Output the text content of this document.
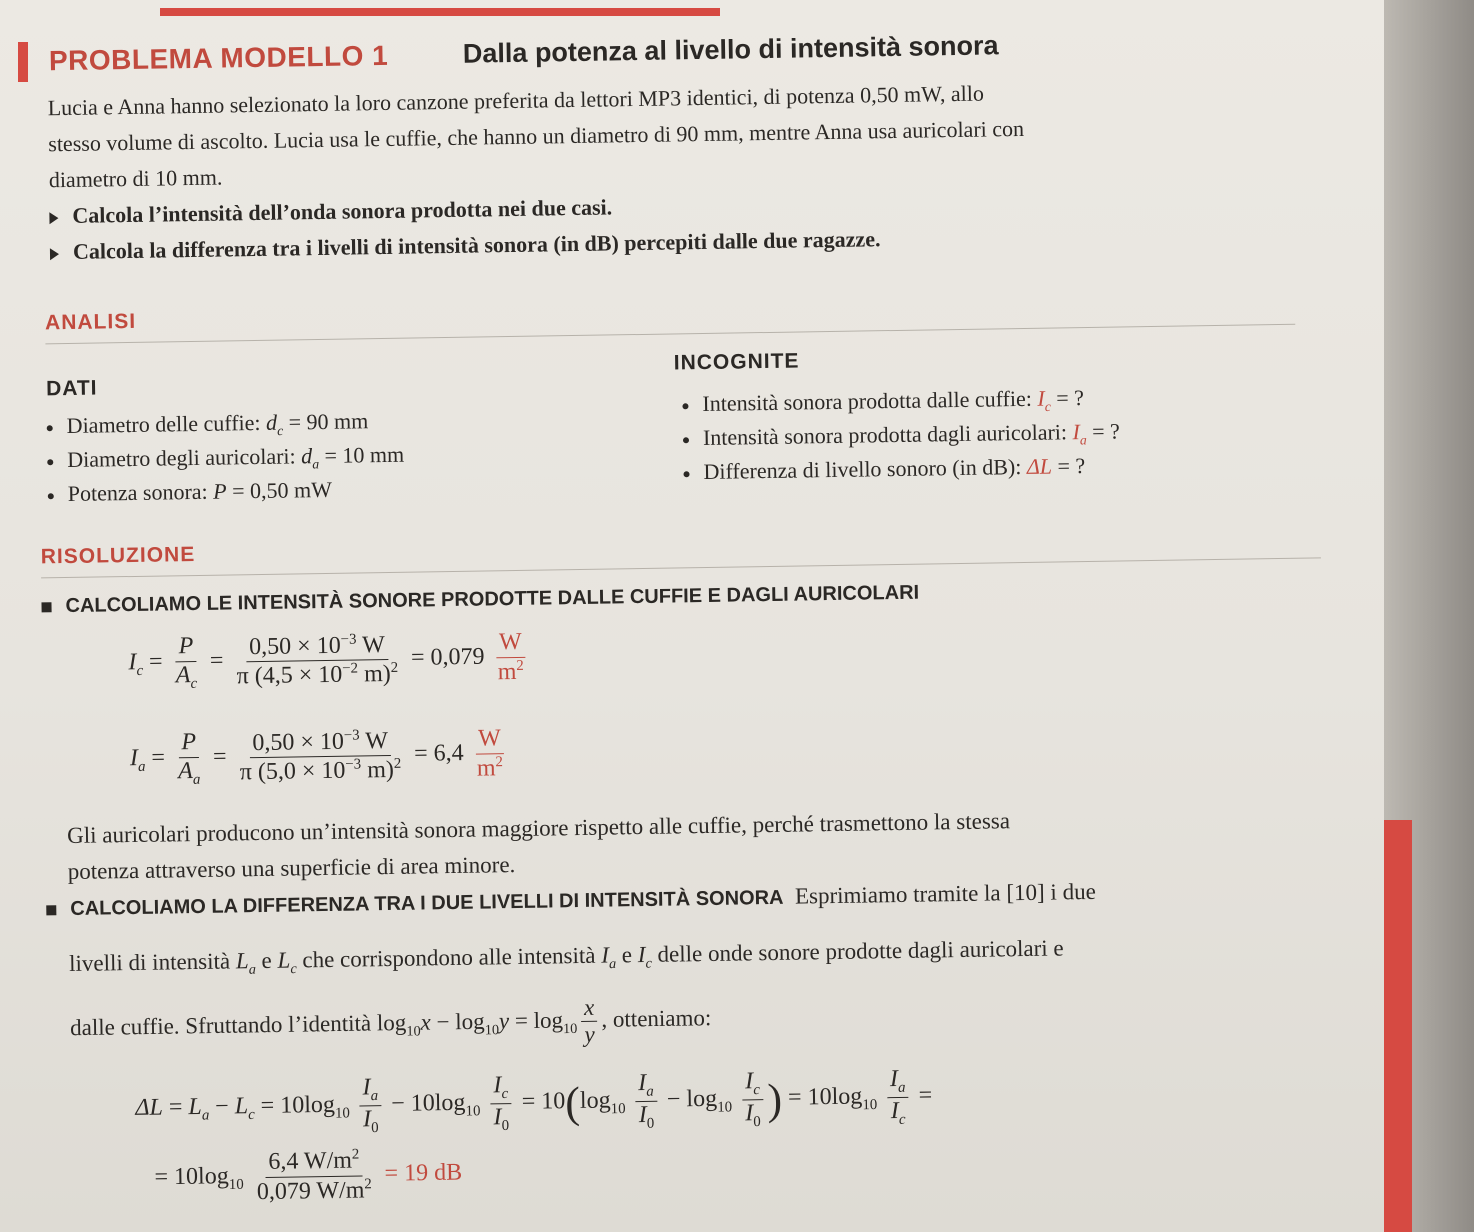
PROBLEMA MODELLO 1	Dalla potenza al livello di intensità sonora
Lucia e Anna hanno selezionato la loro canzone preferita da lettori MP3 identici, di potenza 0,50 mW, allo
stesso volume di ascolto. Lucia usa le cuffie, che hanno un diametro di 90 mm, mentre Anna usa auricolari con
diametro di 10 mm.
Calcola l’intensità dell’onda sonora prodotta nei due casi.
Calcola la differenza tra i livelli di intensità sonora (in dB) percepiti dalle due ragazze.
ANALISI
DATI
INCOGNITE
Diametro delle cuffie: $d_c = 90$ mm
Diametro degli auricolari: $d_a = 10$ mm
Potenza sonora: P = 0,50 mW
Intensità sonora prodotta dalle cuffie: $I_c$ = ?
Intensità sonora prodotta dagli auricolari: $I_a$ = ?
Differenza di livello sonoro (in dB): ΔL = ?
RISOLUZIONE
CALCOLIAMO LE INTENSITÀ SONORE PRODOTTE DALLE CUFFIE E DAGLI AURICOLARI
$I_c = \frac{P}{A_c} = \frac{0,50 \times 10^{-3} W}{\pi (4,5 \times 10^{-2} m)^2} = 0,079 \frac{W}{m^2}$
$I_a = \frac{P}{A_a} = \frac{0,50 \times 10^{-3} W}{\pi (5,0 \times 10^{-3} m)^2} = 6,4 \frac{W}{m^2}$
Gli auricolari producono un’intensità sonora maggiore rispetto alle cuffie, perché trasmettono la stessa
potenza attraverso una superficie di area minore.
CALCOLIAMO LA DIFFERENZA TRA I DUE LIVELLI DI INTENSITÀ SONORA Esprimiamo tramite la [10] i due
livelli di intensità $L_a$ e $L_c$ che corrispondono alle intensità $I_a$ e $I_c$ delle onde sonore prodotte dagli auricolari e
dalle cuffie. Sfruttando l’identità $\log_{10}x - \log_{10}y = \log_{10} \frac{x}{y}$ , otteniamo:
$\Delta L = L_a - L_c = 10\log_{10} \frac{I_a}{I_0} - 10\log_{10} \frac{I_c}{I_0} = 10(\log_{10} \frac{I_a}{I_0} - \log_{10} \frac{I_c}{I_0}$ ) = $10\log_{10} \frac{I_a}{I_c}$ =
= $10\log_{10} \frac{6,4 W/m^2}{0,079 W/m^2} = 19$ dB
